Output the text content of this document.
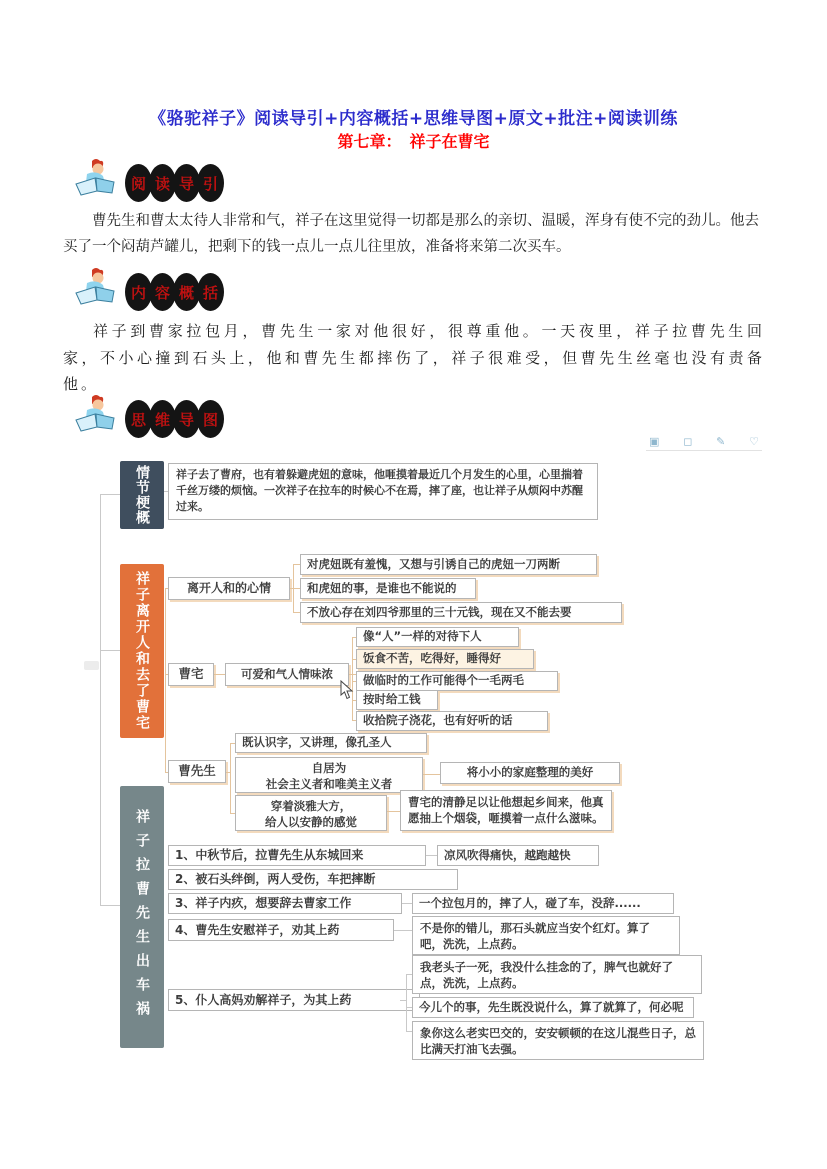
《骆驼祥子》阅读导引+内容概括+思维导图+原文+批注+阅读训练
第七章：　祥子在曹宅
阅 读 导 引
曹先生和曹太太待人非常和气，祥子在这里觉得一切都是那么的亲切、温暖，浑身有使不完的劲儿。他去买了一个闷葫芦罐儿，把剩下的钱一点儿一点儿往里放，准备将来第二次买车。
内 容 概 括
祥子到曹家拉包月，曹先生一家对他很好，很尊重他。一天夜里，祥子拉曹先生回家，不小心撞到石头上，他和曹先生都摔伤了，祥子很难受，但曹先生丝毫也没有责备他。
思 维 导 图
▣ ◻ ✎ ♡
情节梗概
祥子离开人和去了曹宅
祥子拉曹先生出车祸
祥子去了曹府，也有着躲避虎妞的意味，他咂摸着最近几个月发生的心里，心里揣着千丝万缕的烦恼。一次祥子在拉车的时候心不在焉，摔了座，也让祥子从烦闷中苏醒过来。
离开人和的心情
对虎妞既有羞愧，又想与引诱自己的虎妞一刀两断
和虎妞的事，是谁也不能说的
不放心存在刘四爷那里的三十元钱，现在又不能去要
曹宅	可爱和气人情味浓
像“人”一样的对待下人
饭食不苦，吃得好，睡得好
做临时的工作可能得个一毛两毛
按时给工钱
收拾院子浇花，也有好听的话
曹先生
既认识字，又讲理，像孔圣人
自居为
社会主义者和唯美主义者
将小小的家庭整理的美好
穿着淡雅大方，
给人以安静的感觉
曹宅的清静足以让他想起乡间来，他真愿抽上个烟袋，咂摸着一点什么滋味。
1、中秋节后，拉曹先生从东城回来	凉风吹得痛快，越跑越快
2、被石头绊倒，两人受伤，车把摔断
3、祥子内疚，想要辞去曹家工作	一个拉包月的，摔了人，碰了车，没辞......
4、曹先生安慰祥子，劝其上药	不是你的错儿，那石头就应当安个红灯。算了吧，洗洗，上点药。
5、仆人高妈劝解祥子，为其上药
我老头子一死，我没什么挂念的了，脾气也就好了点，洗洗，上点药。
今儿个的事，先生既没说什么，算了就算了，何必呢
象你这么老实巴交的，安安顿顿的在这儿混些日子，总比满天打油飞去强。
